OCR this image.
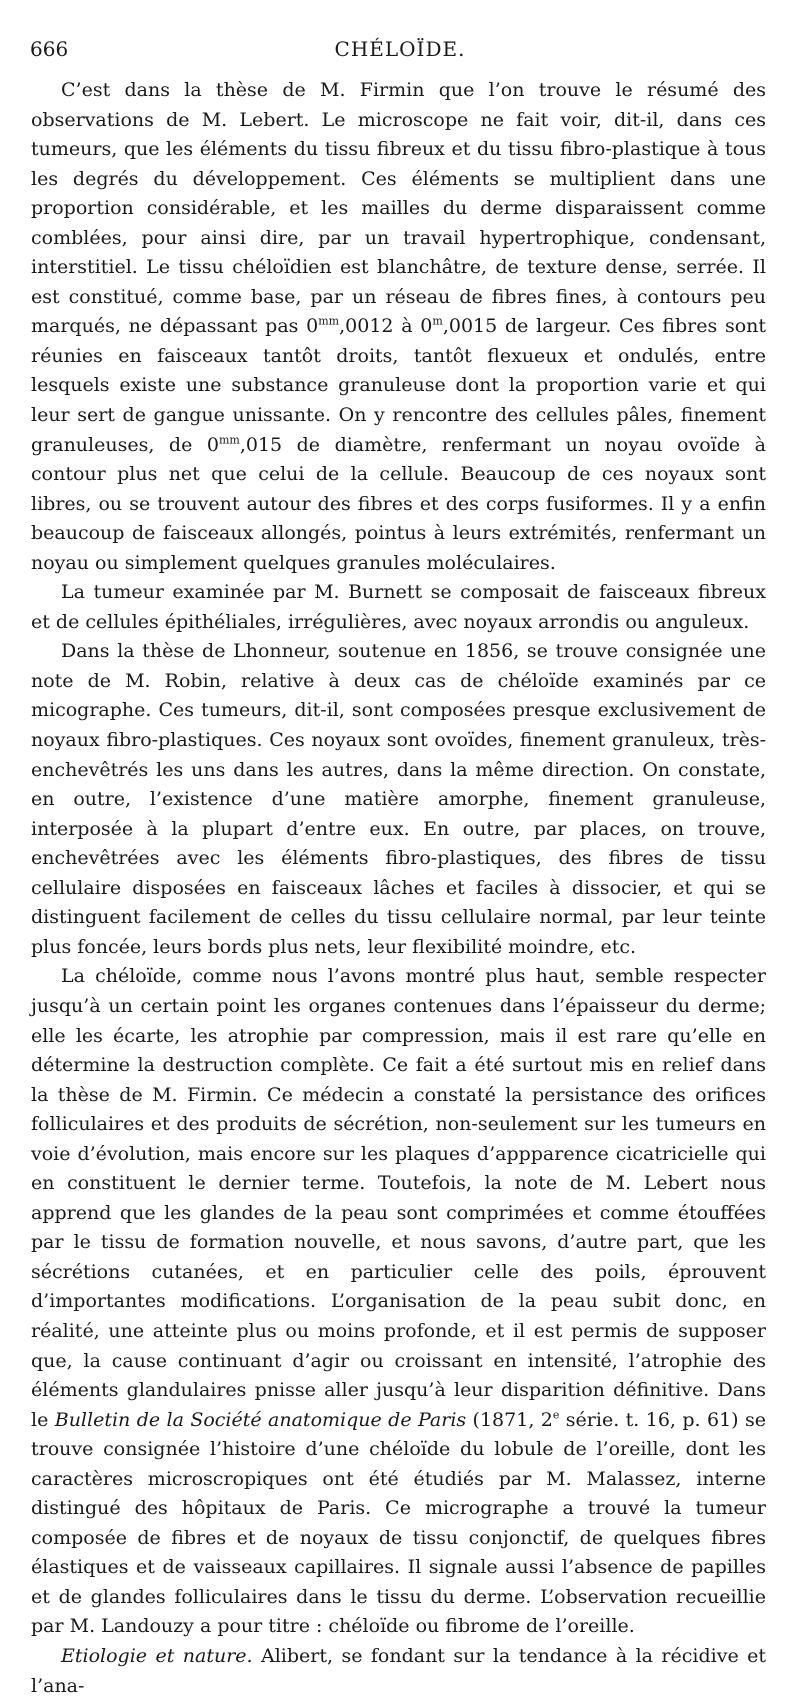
666	CHÉLOÏDE.

C’est dans la thèse de M. Firmin que l’on trouve le résumé des observations de M. Lebert. Le microscope ne fait voir, dit-il, dans ces tumeurs, que les éléments du tissu fibreux et du tissu fibro-plastique à tous les degrés du développement. Ces éléments se multiplient dans une proportion considérable, et les mailles du derme disparaissent comme comblées, pour ainsi dire, par un travail hypertrophique, condensant, interstitiel. Le tissu chéloïdien est blanchâtre, de texture dense, serrée. Il est constitué, comme base, par un réseau de fibres fines, à contours peu marqués, ne dépassant pas $0^{mm},0012$ à 0$^m$,0015 de largeur. Ces fibres sont réunies en faisceaux tantôt droits, tantôt flexueux et ondulés, entre lesquels existe une substance granuleuse dont la proportion varie et qui leur sert de gangue unissante. On y rencontre des cellules pâles, finement granuleuses, de $0^{mm},015$ de diamètre, renfermant un noyau ovoïde à contour plus net que celui de la cellule. Beaucoup de ces noyaux sont libres, ou se trouvent autour des fibres et des corps fusiformes. Il y a enfin beaucoup de faisceaux allongés, pointus à leurs extrémités, renfermant un noyau ou simplement quelques granules moléculaires.

La tumeur examinée par M. Burnett se composait de faisceaux fibreux et de cellules épithéliales, irrégulières, avec noyaux arrondis ou anguleux.

Dans la thèse de Lhonneur, soutenue en 1856, se trouve consignée une note de M. Robin, relative à deux cas de chéloïde examinés par ce micographe. Ces tumeurs, dit-il, sont composées presque exclusivement de noyaux fibro-plastiques. Ces noyaux sont ovoïdes, finement granuleux, très-enchevêtrés les uns dans les autres, dans la même direction. On constate, en outre, l’existence d’une matière amorphe, finement granuleuse, interposée à la plupart d’entre eux. En outre, par places, on trouve, enchevêtrées avec les éléments fibro-plastiques, des fibres de tissu cellulaire disposées en faisceaux lâches et faciles à dissocier, et qui se distinguent facilement de celles du tissu cellulaire normal, par leur teinte plus foncée, leurs bords plus nets, leur flexibilité moindre, etc.

La chéloïde, comme nous l’avons montré plus haut, semble respecter jusqu’à un certain point les organes contenues dans l’épaisseur du derme; elle les écarte, les atrophie par compression, mais il est rare qu’elle en détermine la destruction complète. Ce fait a été surtout mis en relief dans la thèse de M. Firmin. Ce médecin a constaté la persistance des orifices folliculaires et des produits de sécrétion, non-seulement sur les tumeurs en voie d’évolution, mais encore sur les plaques d’appparence cicatricielle qui en constituent le dernier terme. Toutefois, la note de M. Lebert nous apprend que les glandes de la peau sont comprimées et comme étouffées par le tissu de formation nouvelle, et nous savons, d’autre part, que les sécrétions cutanées, et en particulier celle des poils, éprouvent d’importantes modifications. L’organisation de la peau subit donc, en réalité, une atteinte plus ou moins profonde, et il est permis de supposer que, la cause continuant d’agir ou croissant en intensité, l’atrophie des éléments glandulaires pnisse aller jusqu’à leur disparition définitive. Dans le Bulletin de la Société anatomique de Paris (1871, 2e série. t. 16, p. 61) se trouve consignée l’histoire d’une chéloïde du lobule de l’oreille, dont les caractères microscropiques ont été étudiés par M. Malassez, interne distingué des hôpitaux de Paris. Ce micrographe a trouvé la tumeur composée de fibres et de noyaux de tissu conjonctif, de quelques fibres élastiques et de vaisseaux capillaires. Il signale aussi l’absence de papilles et de glandes folliculaires dans le tissu du derme. L’observation recueillie par M. Landouzy a pour titre : chéloïde ou fibrome de l’oreille.

Etiologie et nature. Alibert, se fondant sur la tendance à la récidive et l’ana-
